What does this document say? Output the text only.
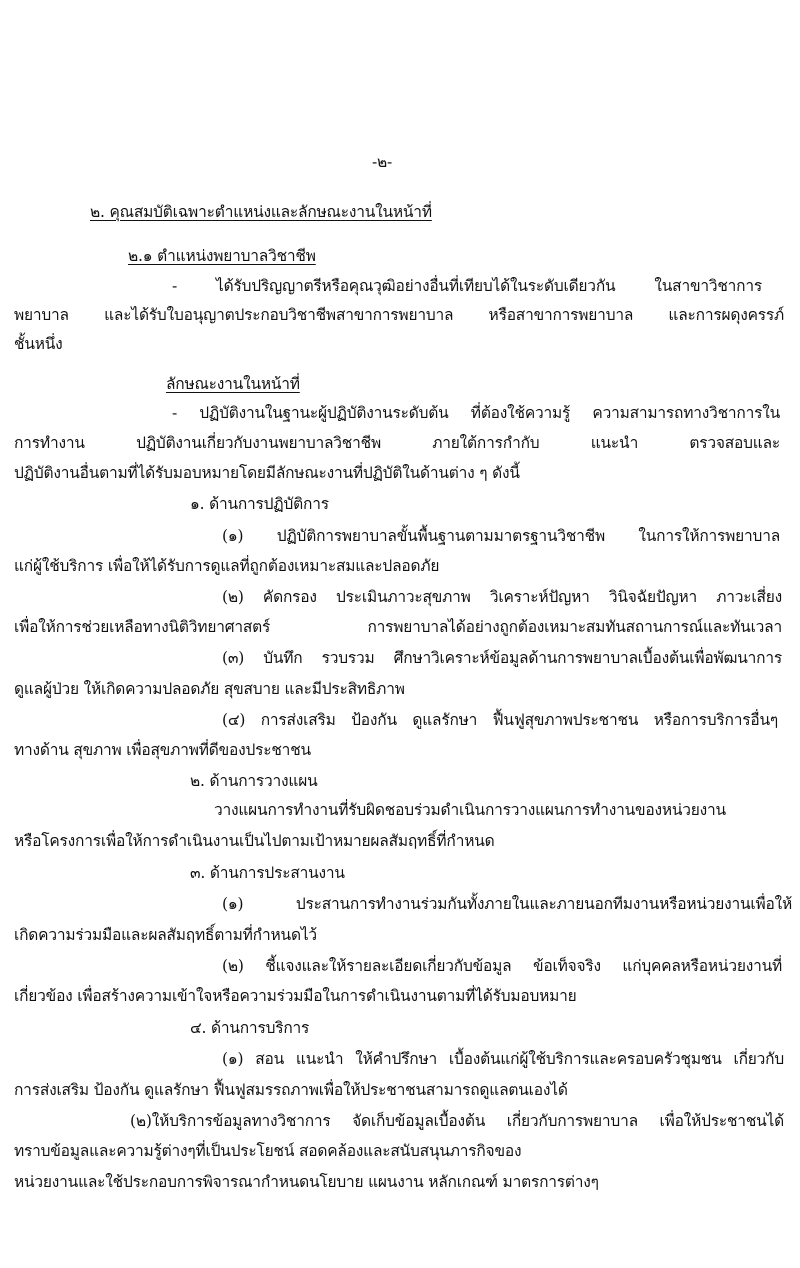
-๒-
๒. คุณสมบัติเฉพาะตำแหน่งและลักษณะงานในหน้าที่
๒.๑ ตำแหน่งพยาบาลวิชาชีพ
- ได้รับปริญญาตรีหรือคุณวุฒิอย่างอื่นที่เทียบได้ในระดับเดียวกัน ในสาขาวิชาการ
พยาบาล และได้รับใบอนุญาตประกอบวิชาชีพสาขาการพยาบาล หรือสาขาการพยาบาล และการผดุงครรภ์
ชั้นหนึ่ง
ลักษณะงานในหน้าที่
- ปฏิบัติงานในฐานะผู้ปฏิบัติงานระดับต้น ที่ต้องใช้ความรู้ ความสามารถทางวิชาการใน
การทำงาน ปฏิบัติงานเกี่ยวกับงานพยาบาลวิชาชีพ ภายใต้การกำกับ แนะนำ ตรวจสอบและ
ปฏิบัติงานอื่นตามที่ได้รับมอบหมายโดยมีลักษณะงานที่ปฏิบัติในด้านต่าง ๆ ดังนี้
๑. ด้านการปฏิบัติการ
(๑) ปฏิบัติการพยาบาลขั้นพื้นฐานตามมาตรฐานวิชาชีพ ในการให้การพยาบาล
แก่ผู้ใช้บริการ เพื่อให้ได้รับการดูแลที่ถูกต้องเหมาะสมและปลอดภัย
(๒) คัดกรอง ประเมินภาวะสุขภาพ วิเคราะห์ปัญหา วินิจฉัยปัญหา ภาวะเสี่ยง
เพื่อให้การช่วยเหลือทางนิติวิทยาศาสตร์ การพยาบาลได้อย่างถูกต้องเหมาะสมทันสถานการณ์และทันเวลา
(๓) บันทึก รวบรวม ศึกษาวิเคราะห์ข้อมูลด้านการพยาบาลเบื้องต้นเพื่อพัฒนาการ
ดูแลผู้ป่วย ให้เกิดความปลอดภัย สุขสบาย และมีประสิทธิภาพ
(๔) การส่งเสริม ป้องกัน ดูแลรักษา ฟื้นฟูสุขภาพประชาชน หรือการบริการอื่นๆ
ทางด้าน สุขภาพ เพื่อสุขภาพที่ดีของประชาชน
๒. ด้านการวางแผน
วางแผนการทำงานที่รับผิดชอบร่วมดำเนินการวางแผนการทำงานของหน่วยงาน
หรือโครงการเพื่อให้การดำเนินงานเป็นไปตามเป้าหมายผลสัมฤทธิ์ที่กำหนด
๓. ด้านการประสานงาน
(๑) ประสานการทำงานร่วมกันทั้งภายในและภายนอกทีมงานหรือหน่วยงานเพื่อให้
เกิดความร่วมมือและผลสัมฤทธิ์ตามที่กำหนดไว้
(๒) ชี้แจงและให้รายละเอียดเกี่ยวกับข้อมูล ข้อเท็จจริง แก่บุคคลหรือหน่วยงานที่
เกี่ยวข้อง เพื่อสร้างความเข้าใจหรือความร่วมมือในการดำเนินงานตามที่ได้รับมอบหมาย
๔. ด้านการบริการ
(๑) สอน แนะนำ ให้คำปรึกษา เบื้องต้นแก่ผู้ใช้บริการและครอบครัวชุมชน เกี่ยวกับ
การส่งเสริม ป้องกัน ดูแลรักษา ฟื้นฟูสมรรถภาพเพื่อให้ประชาชนสามารถดูแลตนเองได้
(๒)ให้บริการข้อมูลทางวิชาการ จัดเก็บข้อมูลเบื้องต้น เกี่ยวกับการพยาบาล เพื่อให้ประชาชนได้
ทราบข้อมูลและความรู้ต่างๆที่เป็นประโยชน์ สอดคล้องและสนับสนุนภารกิจของ
หน่วยงานและใช้ประกอบการพิจารณากำหนดนโยบาย แผนงาน หลักเกณฑ์ มาตรการต่างๆ
